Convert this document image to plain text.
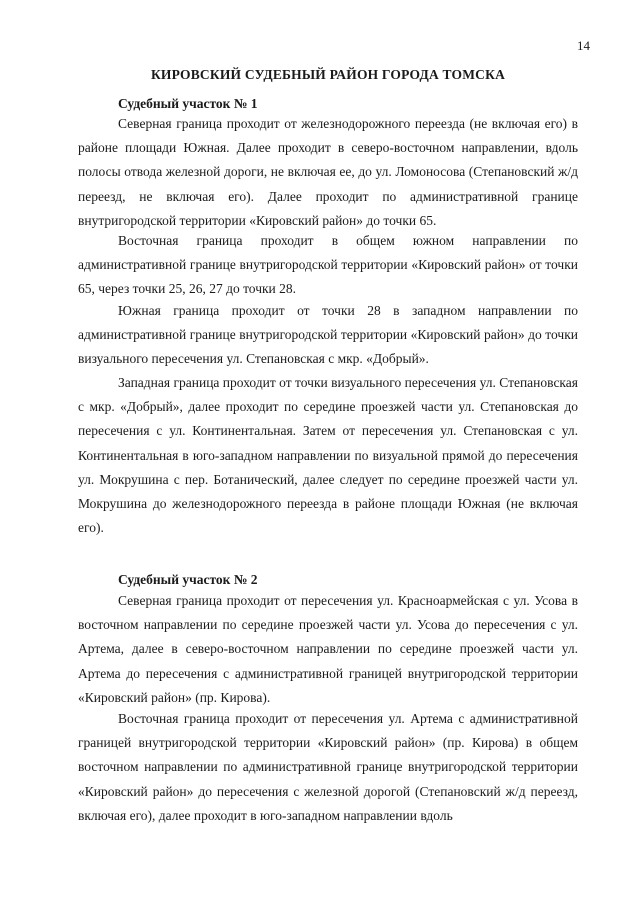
14
КИРОВСКИЙ СУДЕБНЫЙ РАЙОН ГОРОДА ТОМСКА
Судебный участок № 1

Северная граница проходит от железнодорожного переезда (не включая его) в районе площади Южная. Далее проходит в северо-восточном направлении, вдоль полосы отвода железной дороги, не включая ее, до ул. Ломоносова (Степановский ж/д переезд, не включая его). Далее проходит по административной границе внутригородской территории «Кировский район» до точки 65.

Восточная граница проходит в общем южном направлении по административной границе внутригородской территории «Кировский район» от точки 65, через точки 25, 26, 27 до точки 28.

Южная граница проходит от точки 28 в западном направлении по административной границе внутригородской территории «Кировский район» до точки визуального пересечения ул. Степановская с мкр. «Добрый».

Западная граница проходит от точки визуального пересечения ул. Степановская с мкр. «Добрый», далее проходит по середине проезжей части ул. Степановская до пересечения с ул. Континентальная. Затем от пересечения ул. Степановская с ул. Континентальная в юго-западном направлении по визуальной прямой до пересечения ул. Мокрушина с пер. Ботанический, далее следует по середине проезжей части ул. Мокрушина до железнодорожного переезда в районе площади Южная (не включая его).

Судебный участок № 2

Северная граница проходит от пересечения ул. Красноармейская с ул. Усова в восточном направлении по середине проезжей части ул. Усова до пересечения с ул. Артема, далее в северо-восточном направлении по середине проезжей части ул. Артема до пересечения с административной границей внутригородской территории «Кировский район» (пр. Кирова).

Восточная граница проходит от пересечения ул. Артема с административной границей внутригородской территории «Кировский район» (пр. Кирова) в общем восточном направлении по административной границе внутригородской территории «Кировский район» до пересечения с железной дорогой (Степановский ж/д переезд, включая его), далее проходит в юго-западном направлении вдоль
